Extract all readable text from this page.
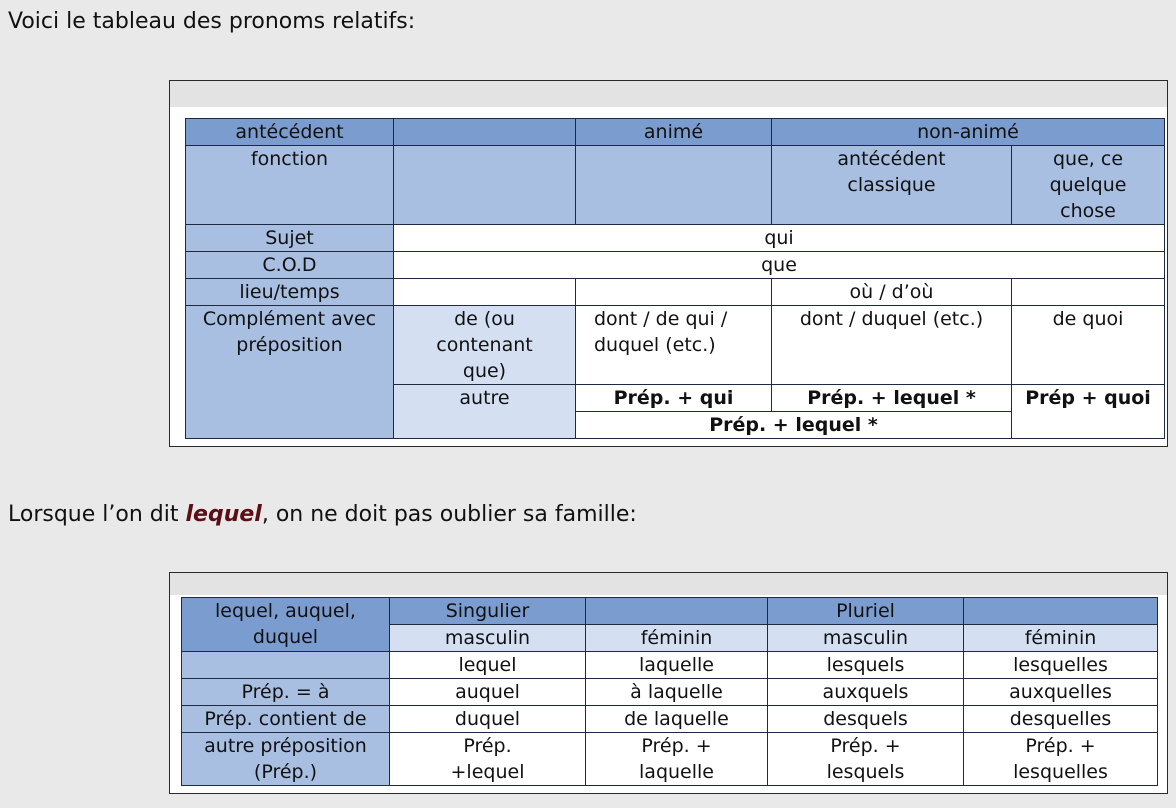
Voici le tableau des pronoms relatifs:

antécédent		animé	non-animé	
fonction			antécédent classique	que, ce quelque chose
Sujet	qui			
C.O.D	que			
lieu/temps			où / d’où	
Complément avec préposition	de (ou contenant que)	dont / de qui / duquel (etc.)	dont / duquel (etc.)	de quoi
	autre	Prép. + qui	Prép. + lequel *	Prép + quoi
		Prép. + lequel *		

Lorsque l’on dit lequel, on ne doit pas oublier sa famille:

lequel, auquel, duquel	Singulier		Pluriel	
	masculin	féminin	masculin	féminin
	lequel	laquelle	lesquels	lesquelles
Prép. = à	auquel	à laquelle	auxquels	auxquelles
Prép. contient de	duquel	de laquelle	desquels	desquelles
autre préposition (Prép.)	Prép. +lequel	Prép. + laquelle	Prép. + lesquels	Prép. + lesquelles
